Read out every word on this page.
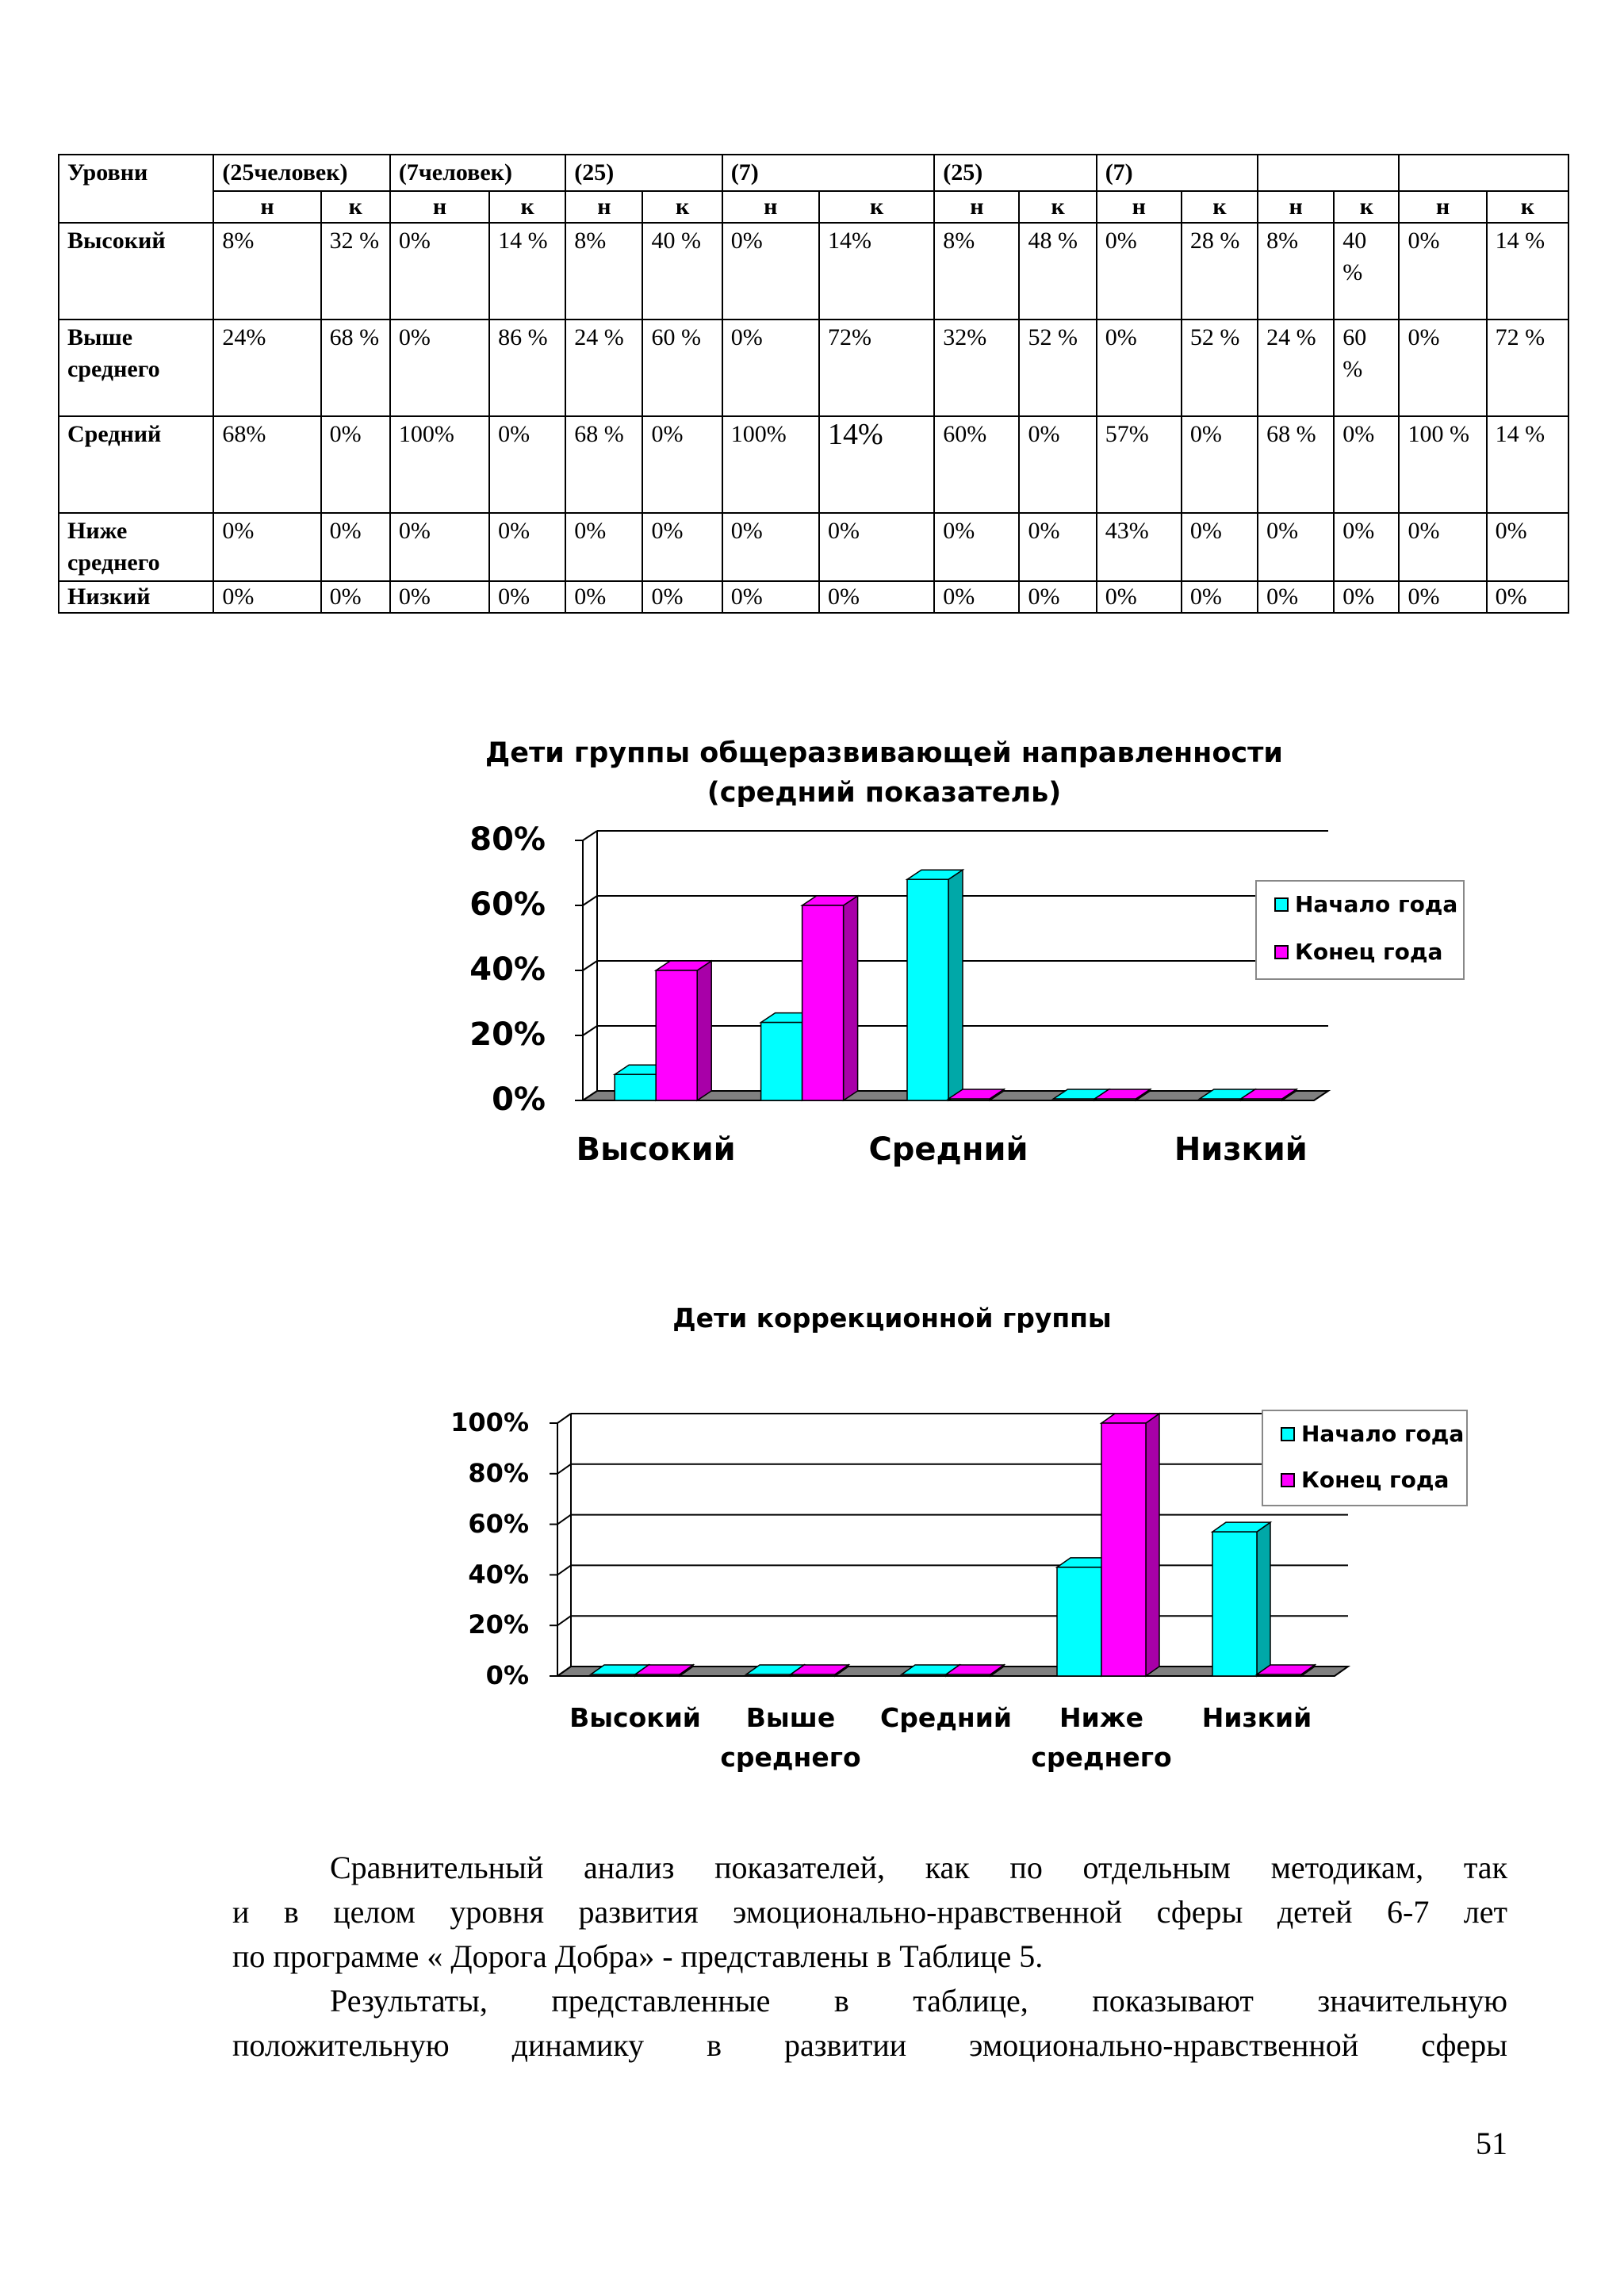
Уровни	(25человек)		(7человек)		(25)		(7)		(25)		(7)					
	н	к	н	к	н	к	н	к	н	к	н	к	н	к	н	к
Высокий	8%	32 %	0%	14 %	8%	40 %	0%	14%	8%	48 %	0%	28 %	8%	40 %	0%	14 %
Выше среднего	24%	68 %	0%	86 %	24 %	60 %	0%	72%	32%	52 %	0%	52 %	24 %	60 %	0%	72 %
Средний	68%	0%	100%	0%	68 %	0%	100%	14%	60%	0%	57%	0%	68 %	0%	100 %	14 %
Ниже среднего	0%	0%	0%	0%	0%	0%	0%	0%	0%	0%	43%	0%	0%	0%	0%	0%
Низкий	0%	0%	0%	0%	0%	0%	0%	0%	0%	0%	0%	0%	0%	0%	0%	0%
Дети группы общеразвивающей направленности (средний показатель)
Начало года
Конец года
0%
20%
40%
60%
80%
Высокий	Средний	Низкий
Дети коррекционной группы
Начало года
Конец года
0%
20%
40%
60%
80%
100%
Высокий	Выше среднего
Средний	Ниже среднего
Низкий
Сравнительный анализ показателей, как по отдельным методикам, так
и в целом уровня развития эмоционально-нравственной сферы детей 6-7 лет
по программе « Дорога Добра» - представлены в Таблице 5.
Результаты, представленные в таблице, показывают значительную
положительную динамику в развитии эмоционально-нравственной сферы
51
